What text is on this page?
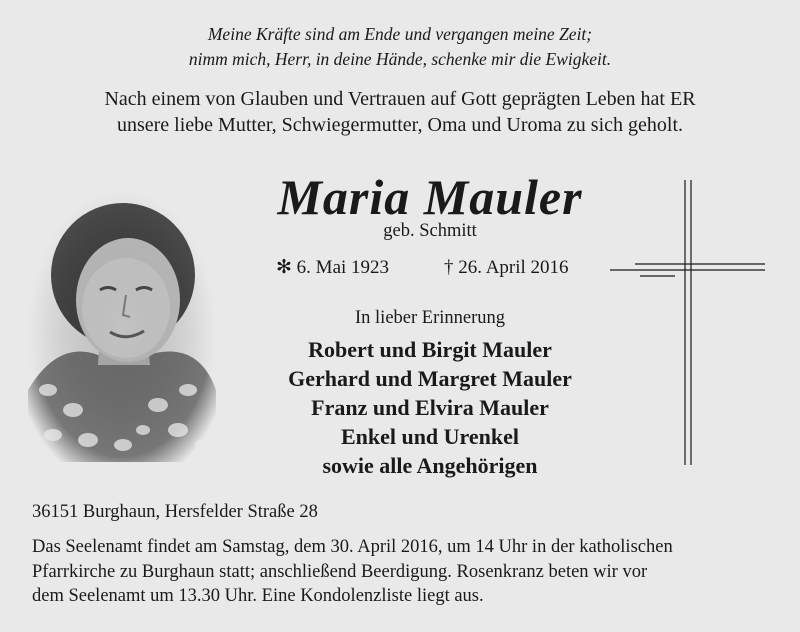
Meine Kräfte sind am Ende und vergangen meine Zeit;
nimm mich, Herr, in deine Hände, schenke mir die Ewigkeit.
Nach einem von Glauben und Vertrauen auf Gott geprägten Leben hat ER
unsere liebe Mutter, Schwiegermutter, Oma und Uroma zu sich geholt.
Maria Mauler
geb. Schmitt
✻ 6. Mai 1923	† 26. April 2016
In lieber Erinnerung
Robert und Birgit Mauler
Gerhard und Margret Mauler
Franz und Elvira Mauler
Enkel und Urenkel
sowie alle Angehörigen
36151 Burghaun, Hersfelder Straße 28
Das Seelenamt findet am Samstag, dem 30. April 2016, um 14 Uhr in der katholischen
Pfarrkirche zu Burghaun statt; anschließend Beerdigung. Rosenkranz beten wir vor
dem Seelenamt um 13.30 Uhr. Eine Kondolenzliste liegt aus.
